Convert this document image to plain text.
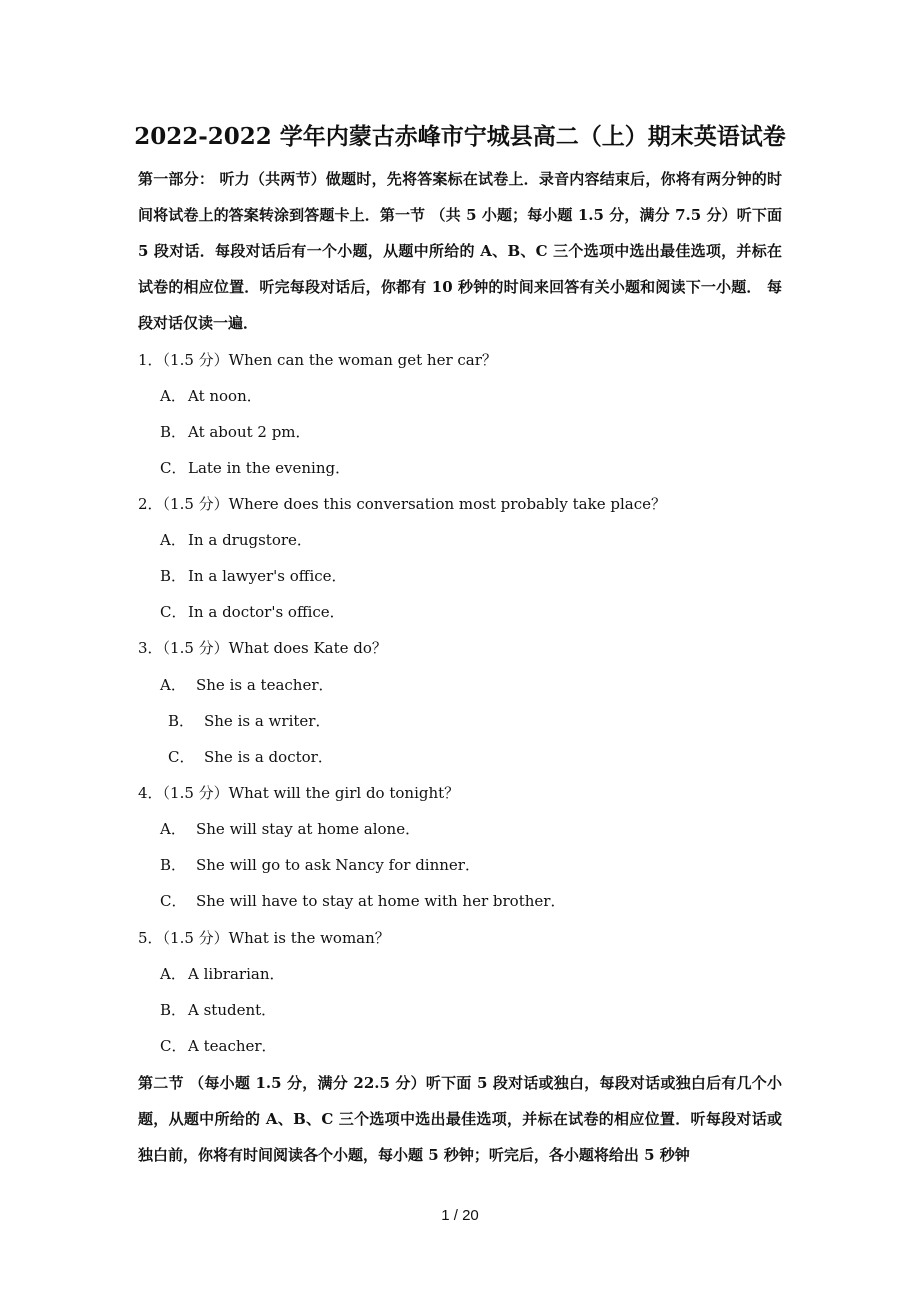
2022-2022 学年内蒙古赤峰市宁城县高二（上）期末英语试卷
第一部分： 听力（共两节）做题时，先将答案标在试卷上．录音内容结束后，你将有两分钟的时间将试卷上的答案转涂到答题卡上．第一节 （共 5 小题；每小题 1.5 分，满分 7.5 分）听下面 5 段对话．每段对话后有一个小题，从题中所给的 A、B、C 三个选项中选出最佳选项，并标在试卷的相应位置．听完每段对话后，你都有 10 秒钟的时间来回答有关小题和阅读下一小题． 每段对话仅读一遍．
1．（1.5 分）When can the woman get her car？
A． At noon．
B． At about 2 pm．
C． Late in the evening．
2．（1.5 分）Where does this conversation most probably take place？
A． In a drugstore．
B． In a lawyer's office．
C． In a doctor's office．
3．（1.5 分）What does Kate do？
A． She is a teacher．
B． She is a writer．
C． She is a doctor．
4．（1.5 分）What will the girl do tonight？
A． She will stay at home alone．
B． She will go to ask Nancy for dinner．
C． She will have to stay at home with her brother．
5．（1.5 分）What is the woman？
A． A librarian．
B． A student．
C． A teacher．
第二节 （每小题 1.5 分，满分 22.5 分）听下面 5 段对话或独白，每段对话或独白后有几个小题，从题中所给的 A、B、C 三个选项中选出最佳选项，并标在试卷的相应位置．听每段对话或独白前，你将有时间阅读各个小题，每小题 5 秒钟；听完后，各小题将给出 5 秒钟
1 / 20
